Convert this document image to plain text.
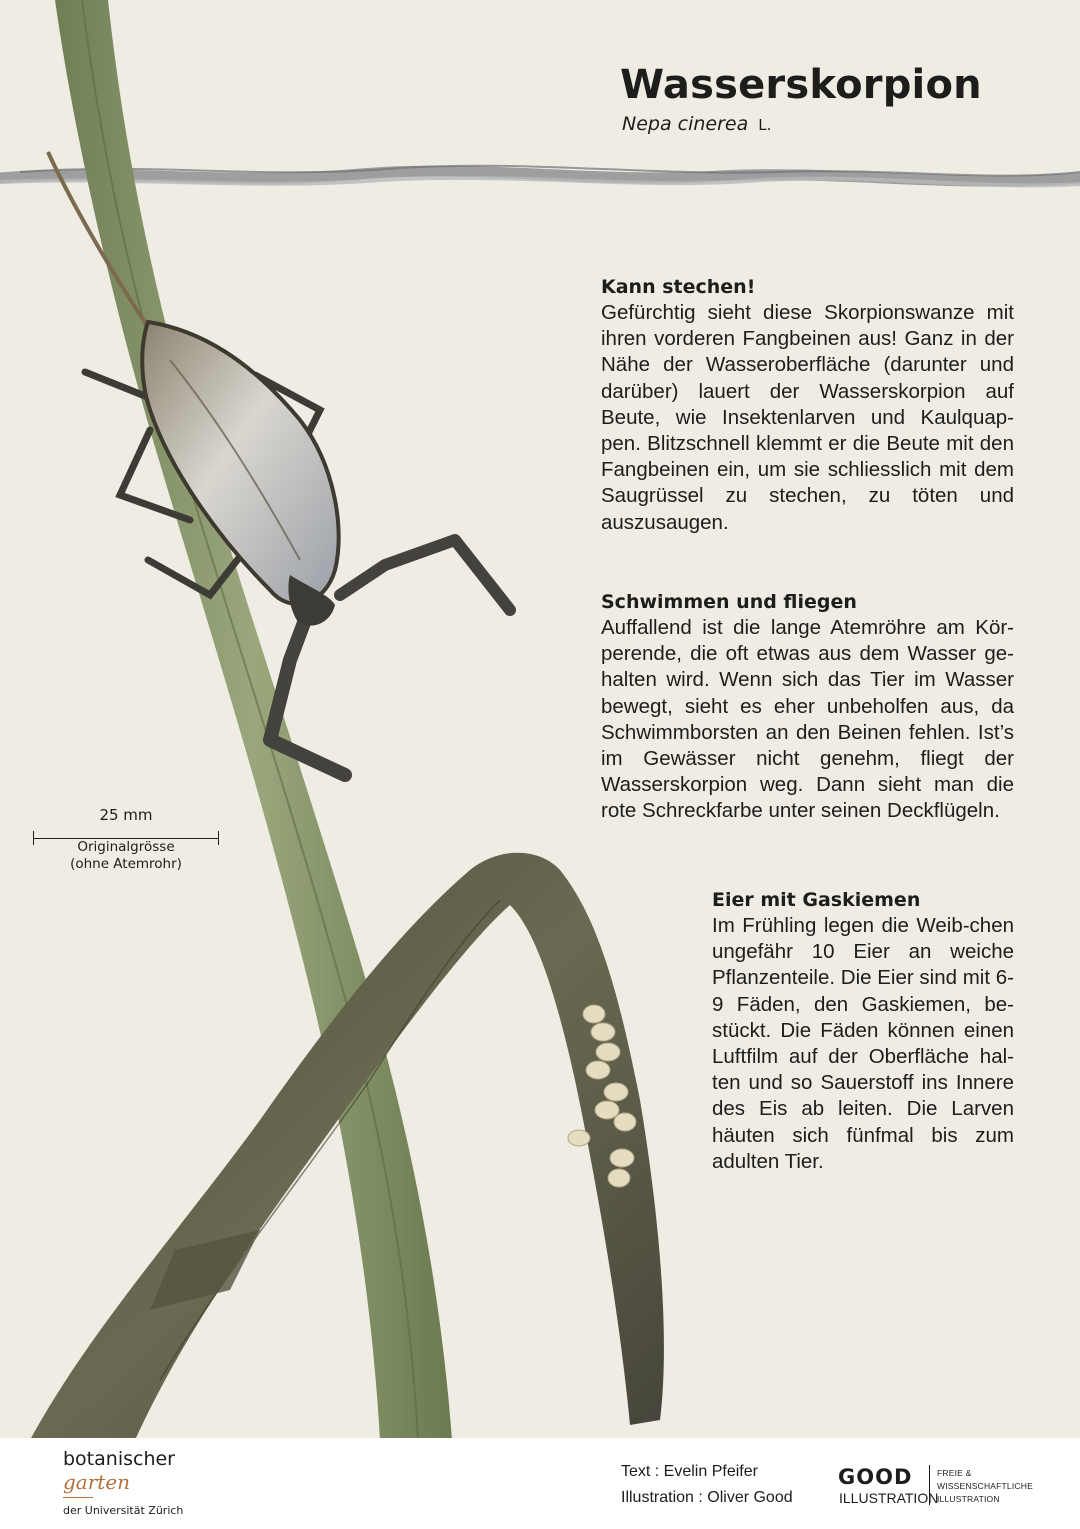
Wasserskorpion
Nepa cinerea L.
Kann stechen!

Gefürchtig sieht diese Skorpionswanze mit ihren vorderen Fangbeinen aus! Ganz in der Nähe der Wasseroberfläche (darunter und darüber) lauert der Wasserskorpion auf Beute, wie Insektenlarven und Kaulquap-pen. Blitzschnell klemmt er die Beute mit den Fangbeinen ein, um sie schliesslich mit dem Saugrüssel zu stechen, zu töten und auszusaugen.

Schwimmen und fliegen

Auffallend ist die lange Atemröhre am Kör-perende, die oft etwas aus dem Wasser ge-halten wird. Wenn sich das Tier im Wasser bewegt, sieht es eher unbeholfen aus, da Schwimmborsten an den Beinen fehlen. Ist’s im Gewässer nicht genehm, fliegt der Wasserskorpion weg. Dann sieht man die rote Schreckfarbe unter seinen Deckflügeln.

Eier mit Gaskiemen

Im Frühling legen die Weib-chen ungefähr 10 Eier an weiche Pflanzenteile. Die Eier sind mit 6-9 Fäden, den Gaskiemen, be-stückt. Die Fäden können einen Luftfilm auf der Oberfläche hal-ten und so Sauerstoff ins Innere des Eis ab leiten. Die Larven häuten sich fünfmal bis zum adulten Tier.

25 mm
Originalgrösse
(ohne Atemrohr)
botanischer
garten
der Universität Zürich
Text : Evelin Pfeifer
Illustration : Oliver Good
GOOD
ILLUSTRATION
FREIE &
WISSENSCHAFTLICHE
ILLUSTRATION
